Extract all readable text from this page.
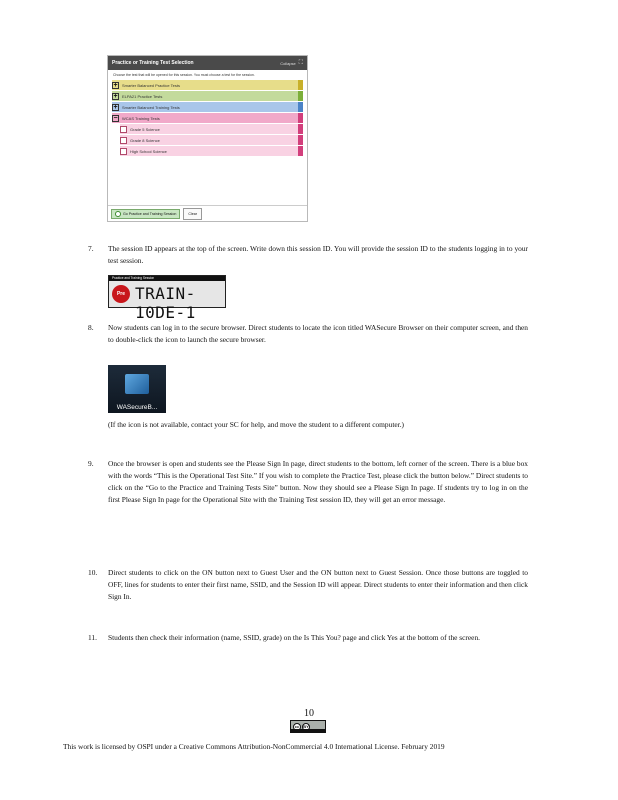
Practice or Training Test Selection	Collapse ⛶
Choose the test that will be opened for this session. You must choose a test for the session.
+	Smarter Balanced Practice Tests
+	ELPA21 Practice Tests
+	Smarter Balanced Training Tests
−	WCAS Training Tests
Grade 5 Science
Grade 8 Science
High School Science
Go Practice and Training Session	Clear
7. The session ID appears at the top of the screen. Write down this session ID. You will provide the session ID to the students logging in to your test session.
Practice and Training Session
Pre TRAIN-10DE-1
8. Now students can log in to the secure browser. Direct students to locate the icon titled WASecure Browser on their computer screen, and then to double-click the icon to launch the secure browser.
WASecureB...
(If the icon is not available, contact your SC for help, and move the student to a different computer.)
9. Once the browser is open and students see the Please Sign In page, direct students to the bottom, left corner of the screen. There is a blue box with the words “This is the Operational Test Site.” If you wish to complete the Practice Test, please click the button below.” Direct students to click on the “Go to the Practice and Training Tests Site” button. Now they should see a Please Sign In page. If students try to log in on the first Please Sign In page for the Operational Site with the Training Test session ID, they will get an error message.
10. Direct students to click on the ON button next to Guest User and the ON button next to Guest Session. Once those buttons are toggled to OFF, lines for students to enter their first name, SSID, and the Session ID will appear. Direct students to enter their information and then click Sign In.
11. Students then check their information (name, SSID, grade) on the Is This You? page and click Yes at the bottom of the screen.
10
cc	BY
This work is licensed by OSPI under a Creative Commons Attribution-NonCommercial 4.0 International License. February 2019
